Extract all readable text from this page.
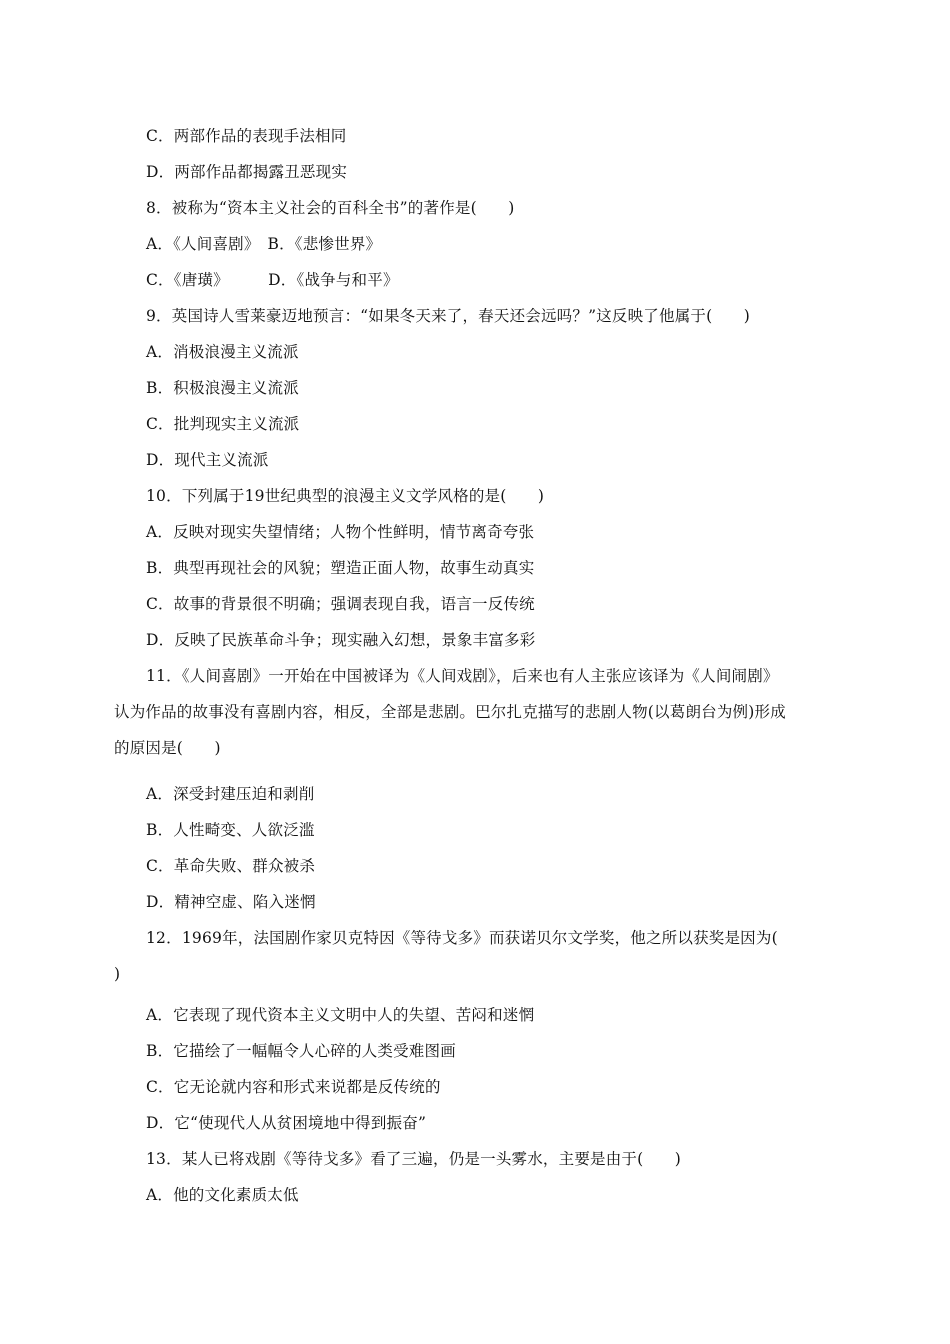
C．两部作品的表现手法相同
D．两部作品都揭露丑恶现实
8．被称为“资本主义社会的百科全书”的著作是(　　)
A．《人间喜剧》　B．《悲惨世界》
C．《唐璜》　　　D．《战争与和平》
9．英国诗人雪莱豪迈地预言：“如果冬天来了，春天还会远吗？”这反映了他属于(　　)
A．消极浪漫主义流派
B．积极浪漫主义流派
C．批判现实主义流派
D．现代主义流派
10．下列属于19世纪典型的浪漫主义文学风格的是(　　)
A．反映对现实失望情绪；人物个性鲜明，情节离奇夸张
B．典型再现社会的风貌；塑造正面人物，故事生动真实
C．故事的背景很不明确；强调表现自我，语言一反传统
D．反映了民族革命斗争；现实融入幻想，景象丰富多彩
11．《人间喜剧》一开始在中国被译为《人间戏剧》，后来也有人主张应该译为《人间闹剧》
认为作品的故事没有喜剧内容，相反，全部是悲剧。巴尔扎克描写的悲剧人物(以葛朗台为例)形成
的原因是(　　)
A．深受封建压迫和剥削
B．人性畸变、人欲泛滥
C．革命失败、群众被杀
D．精神空虚、陷入迷惘
12．1969年，法国剧作家贝克特因《等待戈多》而获诺贝尔文学奖，他之所以获奖是因为(
)
A．它表现了现代资本主义文明中人的失望、苦闷和迷惘
B．它描绘了一幅幅令人心碎的人类受难图画
C．它无论就内容和形式来说都是反传统的
D．它“使现代人从贫困境地中得到振奋”
13．某人已将戏剧《等待戈多》看了三遍，仍是一头雾水，主要是由于(　　)
A．他的文化素质太低
